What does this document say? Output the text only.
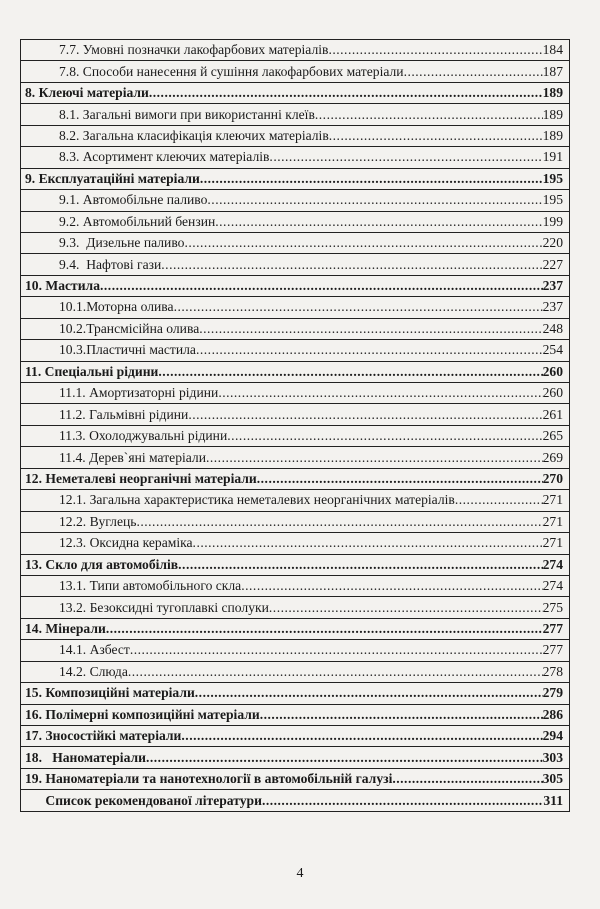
7.7. Умовні позначки лакофарбових матеріалів .....	184

7.8. Способи нанесення й сушіння лакофарбових матеріали .....	187

8. Клеючі матеріали .....	189

8.1. Загальні вимоги при використанні клеїв .....	189

8.2. Загальна класифікація клеючих матеріалів .....	189

8.3. Асортимент клеючих матеріалів .....	191

9. Експлуатаційні матеріали .....	195

9.1. Автомобільне паливо .....	195

9.2. Автомобільний бензин .....	199

9.3.  Дизельне паливо .....	220

9.4.  Нафтові гази .....	227

10. Мастила .....	237

10.1.Моторна олива .....	237

10.2.Трансмісійна олива .....	248

10.3.Пластичні мастила .....	254

11. Спеціальні рідини .....	260

11.1. Амортизаторні рідини .....	260

11.2. Гальмівні рідини .....	261

11.3. Охолоджувальні рідини .....	265

11.4. Дерев`яні матеріали .....	269

12. Неметалеві неорганічні матеріали .....	270

12.1. Загальна характеристика неметалевих неорганічних матеріалів .....	271

12.2. Вуглець .....	271

12.3. Оксидна кераміка .....	271

13. Скло для автомобілів .....	274

13.1. Типи автомобільного скла .....	274

13.2. Безоксидні тугоплавкі сполуки .....	275

14. Мінерали .....	277

14.1. Азбест .....	277

14.2. Слюда .....	278

15. Композиційні матеріали .....	279

16. Полімерні композиційні матеріали .....	286

17. Зносостійкі матеріали .....	294

18.   Наноматеріали .....	303

19. Наноматеріали та нанотехнології в автомобільній галузі .....	305

Список рекомендованої літератури .....	311
4
